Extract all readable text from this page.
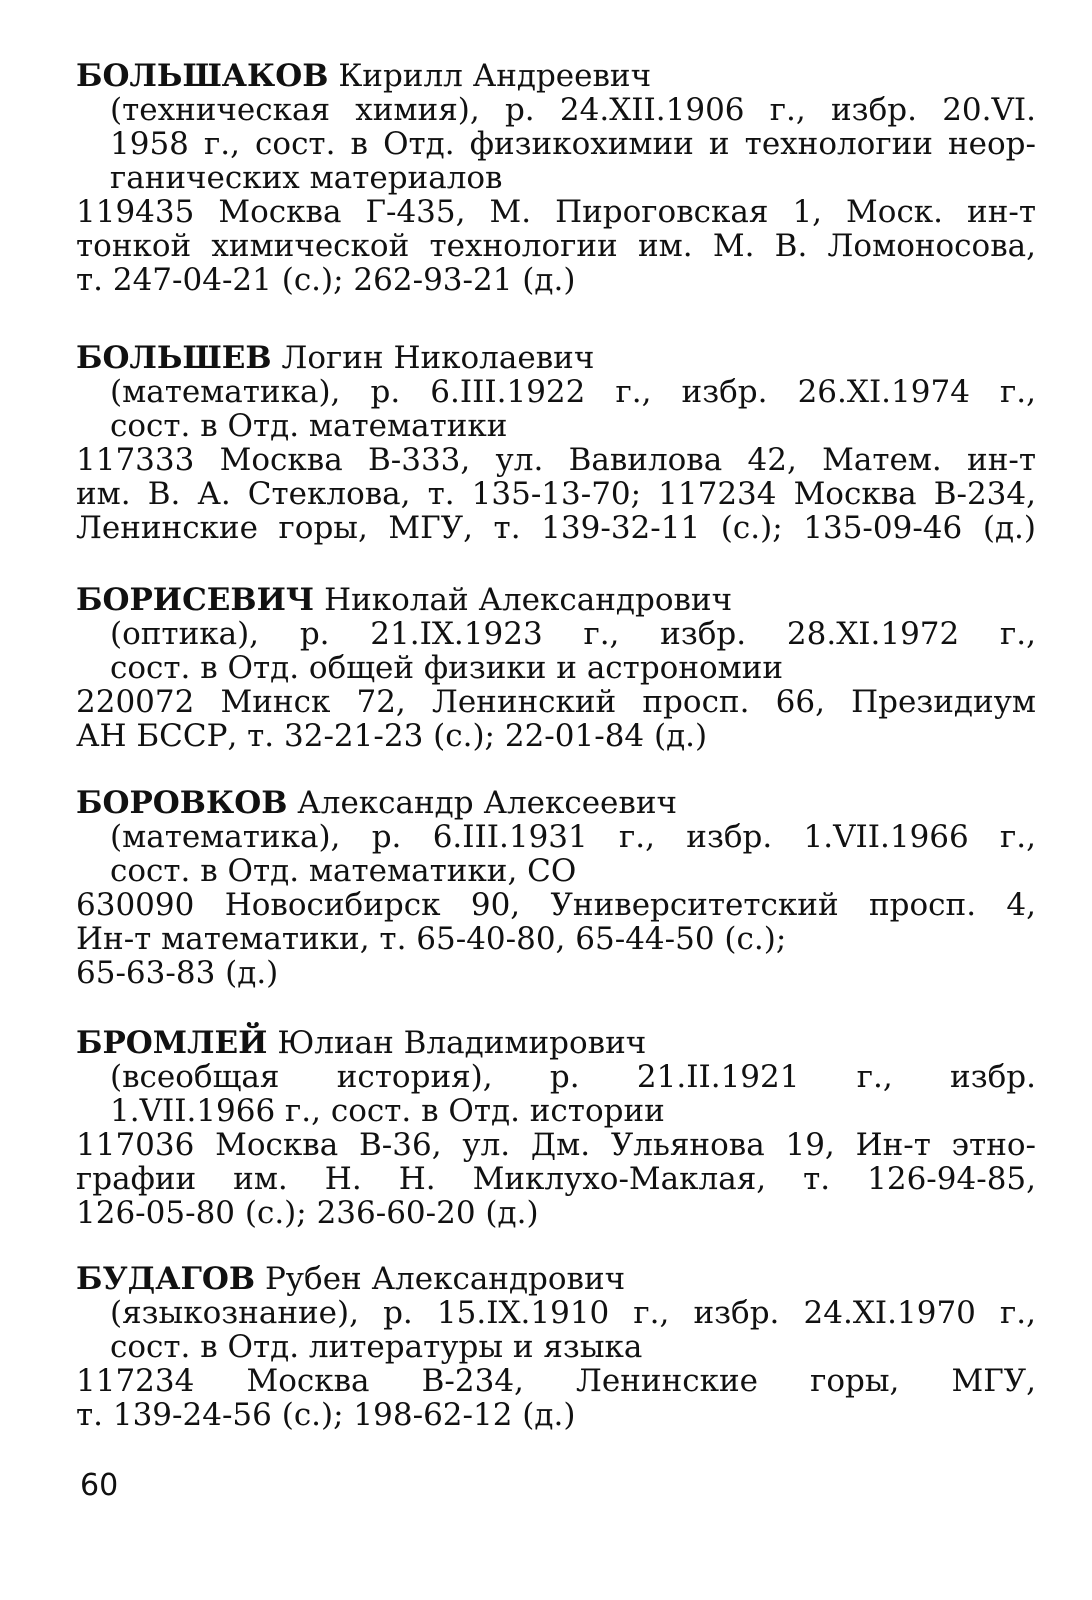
БОЛЬШАКОВ Кирилл Андреевич
(техническая химия), р. 24.XII.1906 г., избр. 20.VI.
1958 г., сост. в Отд. физикохимии и технологии неор-
ганических материалов
119435 Москва Г-435, М. Пироговская 1, Моск. ин-т
тонкой химической технологии им. М. В. Ломоносова,
т. 247-04-21 (с.); 262-93-21 (д.)
БОЛЬШЕВ Логин Николаевич
(математика), р. 6.III.1922 г., избр. 26.XI.1974 г.,
сост. в Отд. математики
117333 Москва В-333, ул. Вавилова 42, Матем. ин-т
им. В. А. Стеклова, т. 135-13-70; 117234 Москва В-234,
Ленинские горы, МГУ, т. 139-32-11 (с.); 135-09-46 (д.)
БОРИСЕВИЧ Николай Александрович
(оптика), р. 21.IX.1923 г., избр. 28.XI.1972 г.,
сост. в Отд. общей физики и астрономии
220072 Минск 72, Ленинский просп. 66, Президиум
АН БССР, т. 32-21-23 (с.); 22-01-84 (д.)
БОРОВКОВ Александр Алексеевич
(математика), р. 6.III.1931 г., избр. 1.VII.1966 г.,
сост. в Отд. математики, СО
630090 Новосибирск 90, Университетский просп. 4,
Ин-т математики, т. 65-40-80, 65-44-50 (с.);
65-63-83 (д.)
БРОМЛЕЙ Юлиан Владимирович
(всеобщая история), р. 21.II.1921 г., избр.
1.VII.1966 г., сост. в Отд. истории
117036 Москва В-36, ул. Дм. Ульянова 19, Ин-т этно-
графии им. Н. Н. Миклухо-Маклая, т. 126-94-85,
126-05-80 (с.); 236-60-20 (д.)
БУДАГОВ Рубен Александрович
(языкознание), р. 15.IX.1910 г., избр. 24.XI.1970 г.,
сост. в Отд. литературы и языка
117234 Москва В-234, Ленинские горы, МГУ,
т. 139-24-56 (с.); 198-62-12 (д.)
60
